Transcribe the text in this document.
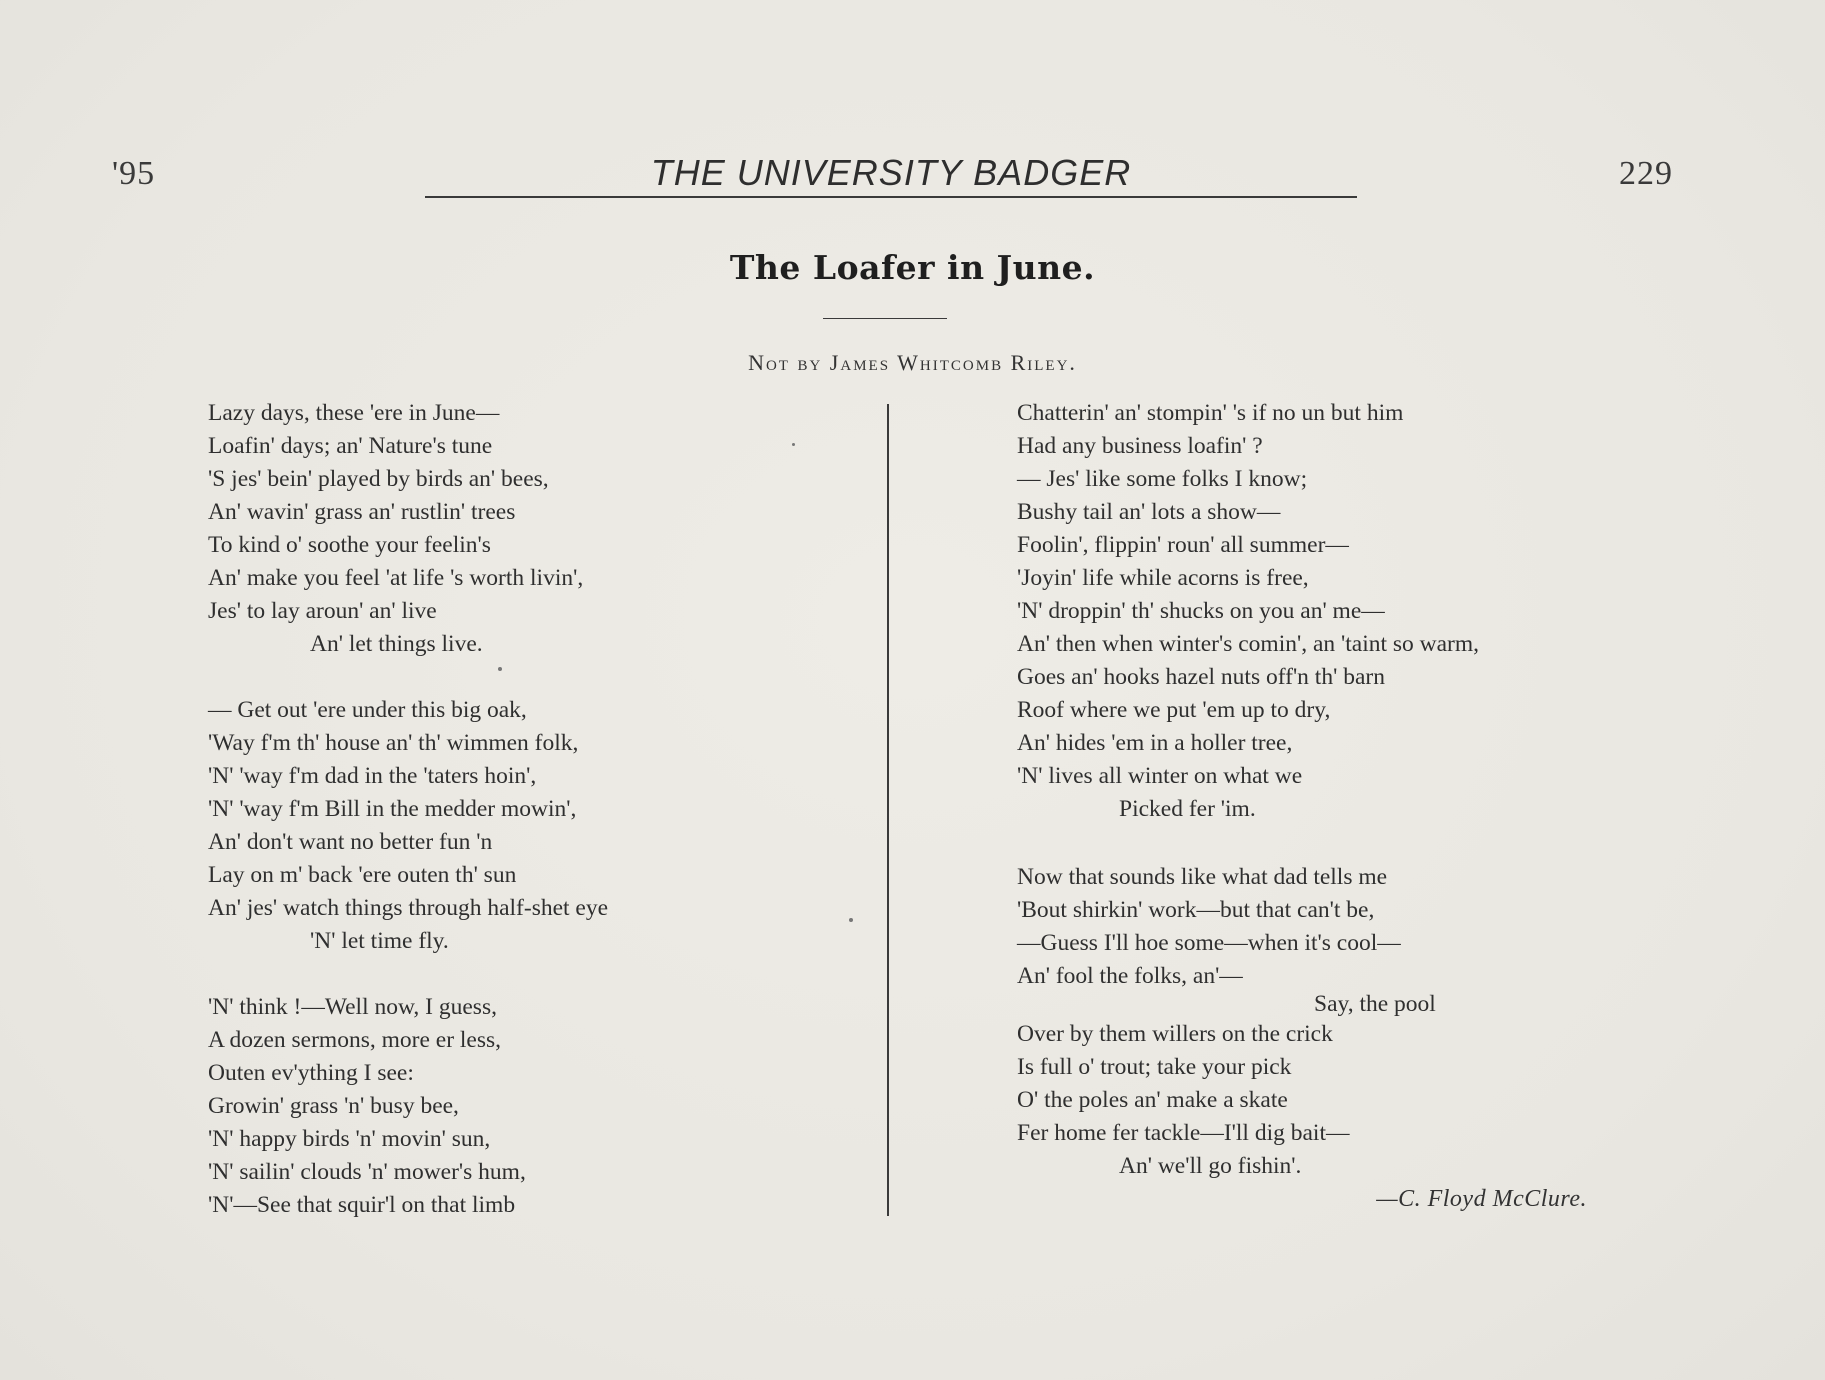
'95	THE UNIVERSITY BADGER	229
The Loafer in June.
Not by James Whitcomb Riley.
Lazy days, these 'ere in June—
Loafin' days; an' Nature's tune
'S jes' bein' played by birds an' bees,
An' wavin' grass an' rustlin' trees
To kind o' soothe your feelin's
An' make you feel 'at life 's worth livin',
Jes' to lay aroun' an' live
An' let things live.
— Get out 'ere under this big oak,
'Way f'm th' house an' th' wimmen folk,
'N' 'way f'm dad in the 'taters hoin',
'N' 'way f'm Bill in the medder mowin',
An' don't want no better fun 'n
Lay on m' back 'ere outen th' sun
An' jes' watch things through half-shet eye
'N' let time fly.
'N' think !—Well now, I guess,
A dozen sermons, more er less,
Outen ev'ything I see:
Growin' grass 'n' busy bee,
'N' happy birds 'n' movin' sun,
'N' sailin' clouds 'n' mower's hum,
'N'—See that squir'l on that limb
Chatterin' an' stompin' 's if no un but him
Had any business loafin' ?
— Jes' like some folks I know;
Bushy tail an' lots a show—
Foolin', flippin' roun' all summer—
'Joyin' life while acorns is free,
'N' droppin' th' shucks on you an' me—
An' then when winter's comin', an 'taint so warm,
Goes an' hooks hazel nuts off'n th' barn
Roof where we put 'em up to dry,
An' hides 'em in a holler tree,
'N' lives all winter on what we
Picked fer 'im.
Now that sounds like what dad tells me
'Bout shirkin' work—but that can't be,
—Guess I'll hoe some—when it's cool—
An' fool the folks, an'—
Say, the pool
Over by them willers on the crick
Is full o' trout; take your pick
O' the poles an' make a skate
Fer home fer tackle—I'll dig bait—
An' we'll go fishin'.
—C. Floyd McClure.
